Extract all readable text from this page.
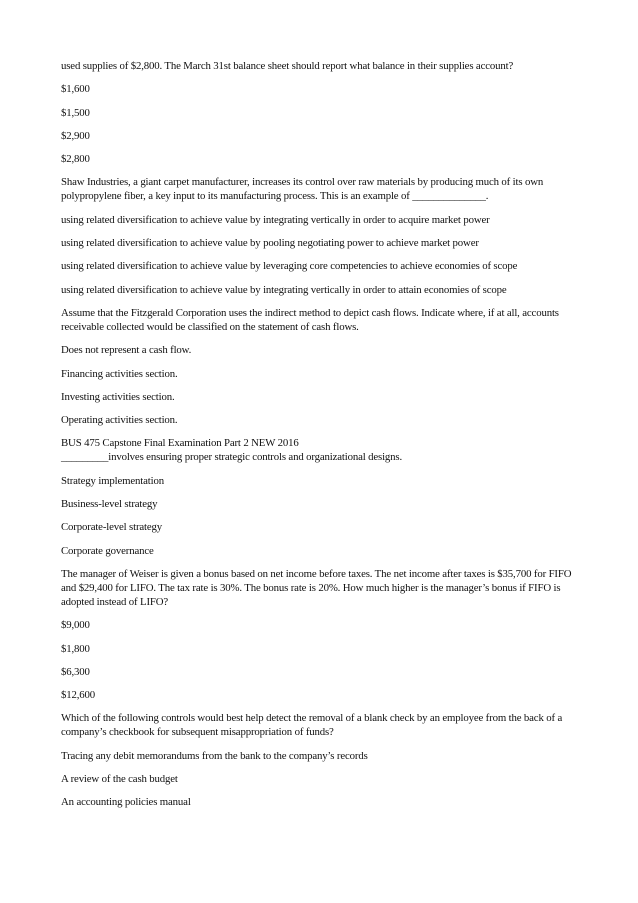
used supplies of $2,800. The March 31st balance sheet should report what balance in their supplies account?

$1,600

$1,500

$2,900

$2,800

Shaw Industries, a giant carpet manufacturer, increases its control over raw materials by producing much of its own polypropylene fiber, a key input to its manufacturing process. This is an example of ______________.

using related diversification to achieve value by integrating vertically in order to acquire market power

using related diversification to achieve value by pooling negotiating power to achieve market power

using related diversification to achieve value by leveraging core competencies to achieve economies of scope

using related diversification to achieve value by integrating vertically in order to attain economies of scope

Assume that the Fitzgerald Corporation uses the indirect method to depict cash flows. Indicate where, if at all, accounts receivable collected would be classified on the statement of cash flows.

Does not represent a cash flow.

Financing activities section.

Investing activities section.

Operating activities section.

BUS 475 Capstone Final Examination Part 2 NEW 2016

_________involves ensuring proper strategic controls and organizational designs.

Strategy implementation

Business-level strategy

Corporate-level strategy

Corporate governance

The manager of Weiser is given a bonus based on net income before taxes. The net income after taxes is $35,700 for FIFO and $29,400 for LIFO. The tax rate is 30%. The bonus rate is 20%. How much higher is the manager’s bonus if FIFO is adopted instead of LIFO?

$9,000

$1,800

$6,300

$12,600

Which of the following controls would best help detect the removal of a blank check by an employee from the back of a company’s checkbook for subsequent misappropriation of funds?

Tracing any debit memorandums from the bank to the company’s records

A review of the cash budget

An accounting policies manual
